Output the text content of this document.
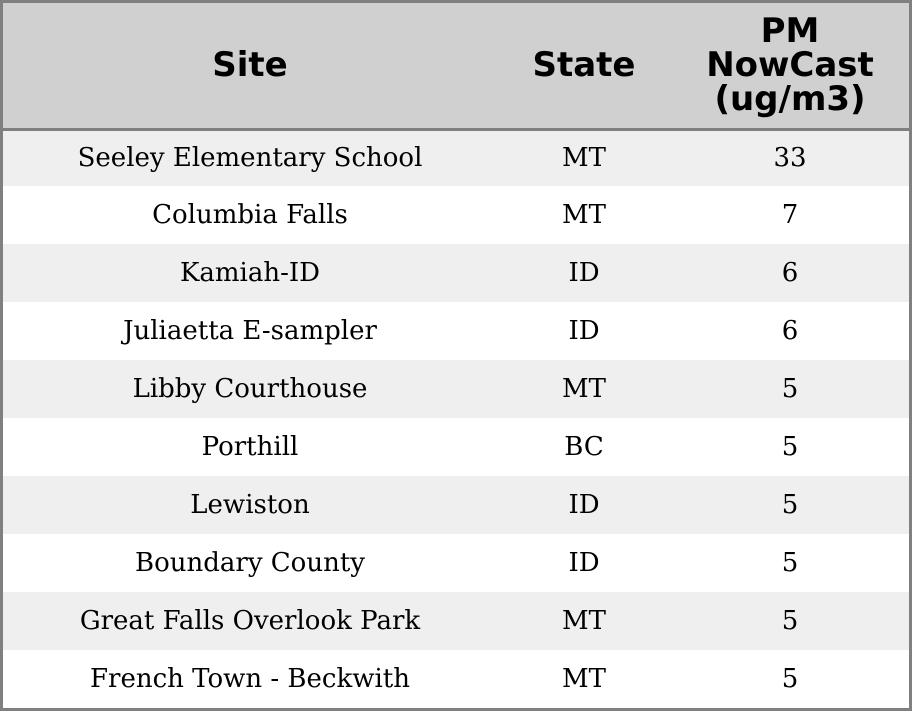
Site	State	PM NowCast (ug/m3)
Seeley Elementary School	MT	33
Columbia Falls	MT	7
Kamiah-ID	ID	6
Juliaetta E-sampler	ID	6
Libby Courthouse	MT	5
Porthill	BC	5
Lewiston	ID	5
Boundary County	ID	5
Great Falls Overlook Park	MT	5
French Town - Beckwith	MT	5
